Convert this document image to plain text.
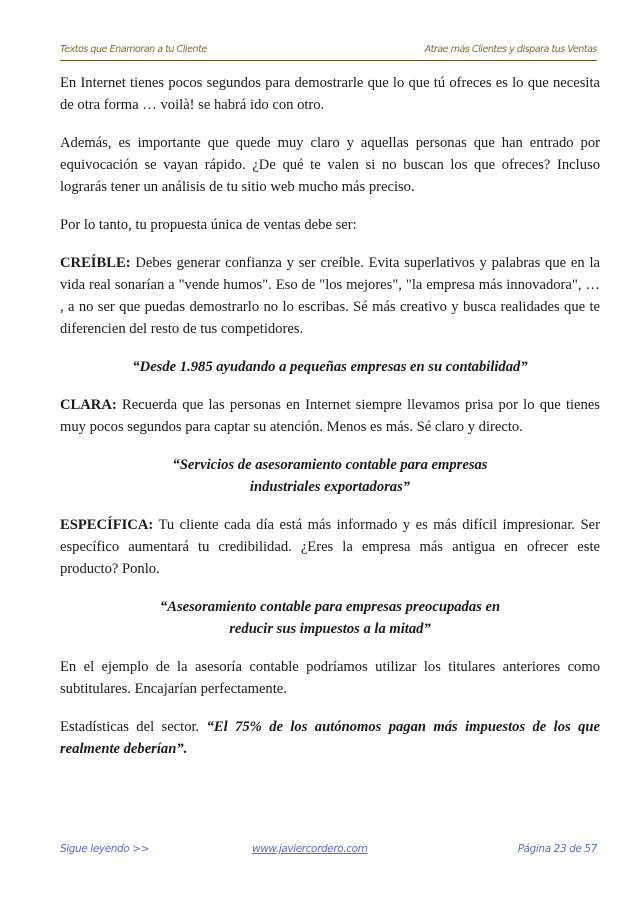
Textos que Enamoran a tu Cliente	Atrae más Clientes y dispara tus Ventas

En Internet tienes pocos segundos para demostrarle que lo que tú ofreces es lo que necesita de otra forma … voilà! se habrá ido con otro.

Además, es importante que quede muy claro y aquellas personas que han entrado por equivocación se vayan rápido. ¿De qué te valen si no buscan los que ofreces? Incluso lograrás tener un análisis de tu sitio web mucho más preciso.

Por lo tanto, tu propuesta única de ventas debe ser:

CREÍBLE: Debes generar confianza y ser creíble. Evita superlativos y palabras que en la vida real sonarían a "vende humos". Eso de "los mejores", "la empresa más innovadora", … , a no ser que puedas demostrarlo no lo escribas. Sé más creativo y busca realidades que te diferencien del resto de tus competidores.

“Desde 1.985 ayudando a pequeñas empresas en su contabilidad”

CLARA: Recuerda que las personas en Internet siempre llevamos prisa por lo que tienes muy pocos segundos para captar su atención. Menos es más. Sé claro y directo.

“Servicios de asesoramiento contable para empresas
industriales exportadoras”

ESPECÍFICA: Tu cliente cada día está más informado y es más difícil impresionar. Ser específico aumentará tu credibilidad. ¿Eres la empresa más antigua en ofrecer este producto? Ponlo.

“Asesoramiento contable para empresas preocupadas en
reducir sus impuestos a la mitad”

En el ejemplo de la asesoría contable podríamos utilizar los titulares anteriores como subtitulares. Encajarían perfectamente.

Estadísticas del sector. “El 75% de los autónomos pagan más impuestos de los que realmente deberían”.

Sigue leyendo >>	www.javiercordero.com	Página 23 de 57
